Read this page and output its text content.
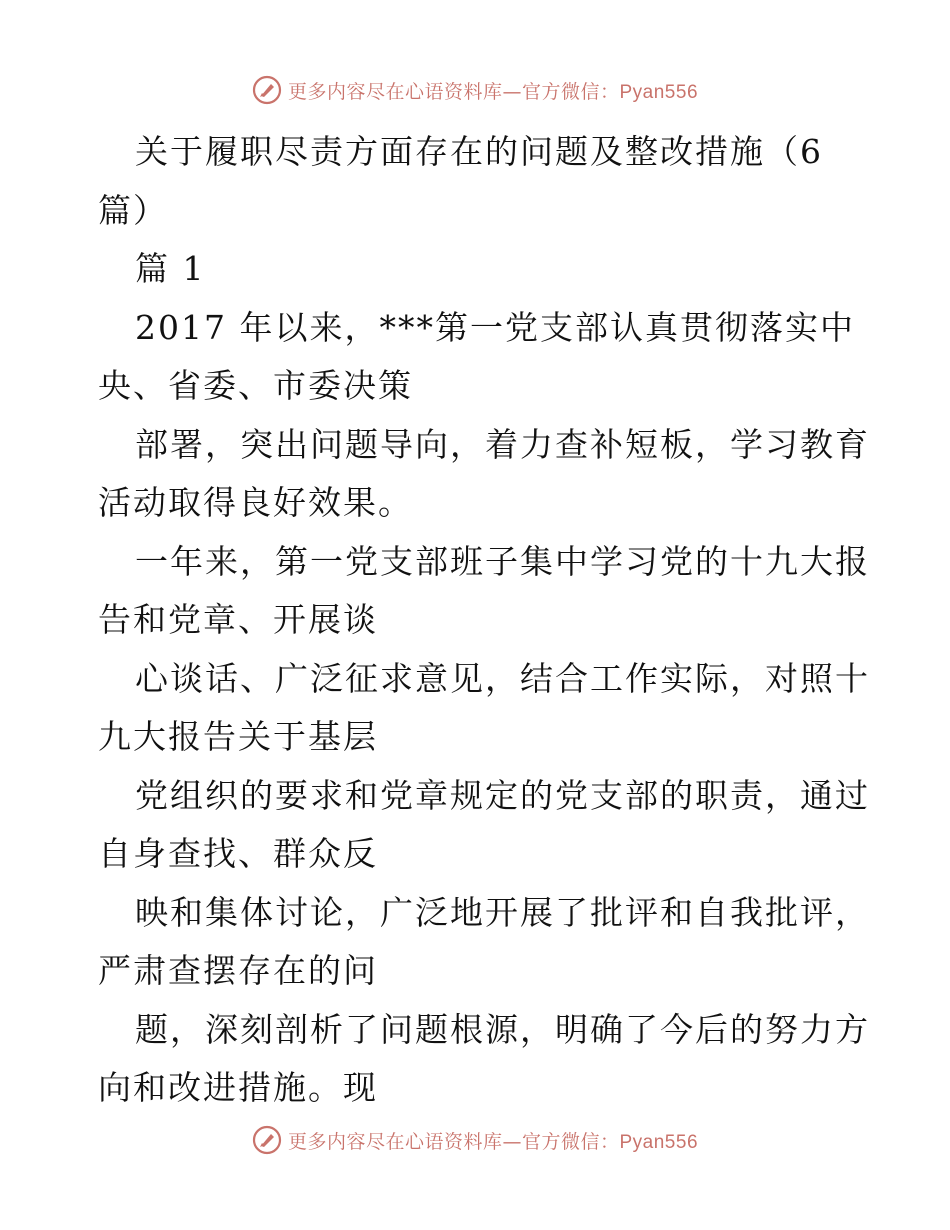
更多内容尽在心语资料库—官方微信：Pyan556
关于履职尽责方面存在的问题及整改措施（6
篇）
篇 1
2017 年以来，***第一党支部认真贯彻落实中
央、省委、市委决策
部署，突出问题导向，着力查补短板，学习教育
活动取得良好效果。
一年来，第一党支部班子集中学习党的十九大报
告和党章、开展谈
心谈话、广泛征求意见，结合工作实际，对照十
九大报告关于基层
党组织的要求和党章规定的党支部的职责，通过
自身查找、群众反
映和集体讨论，广泛地开展了批评和自我批评，
严肃查摆存在的问
题，深刻剖析了问题根源，明确了今后的努力方
向和改进措施。现
更多内容尽在心语资料库—官方微信：Pyan556
